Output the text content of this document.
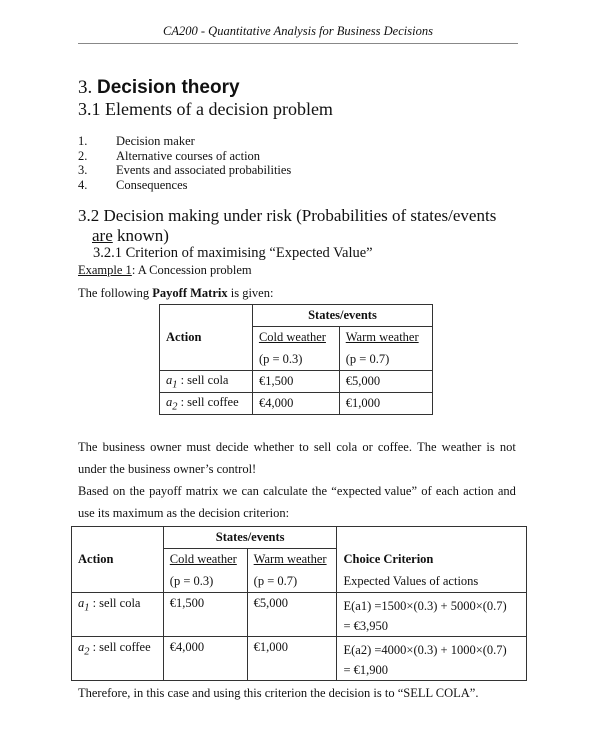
CA200 - Quantitative Analysis for Business Decisions
3. Decision theory
3.1 Elements of a decision problem
1. Decision maker
2. Alternative courses of action
3. Events and associated probabilities
4. Consequences
3.2 Decision making under risk (Probabilities of states/events
are known)
3.2.1 Criterion of maximising “Expected Value”
Example 1: A Concession problem
The following Payoff Matrix is given:
	States/events	
Action	Cold weather	Warm weather
	(p = 0.3)	(p = 0.7)
$a_1$ : sell cola	€1,500	€5,000
$a_2$ : sell coffee	€4,000	€1,000
The business owner must decide whether to sell cola or coffee. The weather is not
under the business owner’s control!
Based on the payoff matrix we can calculate the “expected value” of each action and
use its maximum as the decision criterion:
	States/events		
Action	Cold weather	Warm weather	Choice Criterion
	(p = 0.3)	(p = 0.7)	Expected Values of actions
$a_1$ : sell cola	€1,500	€5,000	E(a1) =1500×(0.3) + 5000×(0.7)
= €3,950

$a_2$ : sell coffee	€4,000	€1,000	E(a2) =4000×(0.3) + 1000×(0.7)
= €1,900
Therefore, in this case and using this criterion the decision is to “SELL COLA”.
